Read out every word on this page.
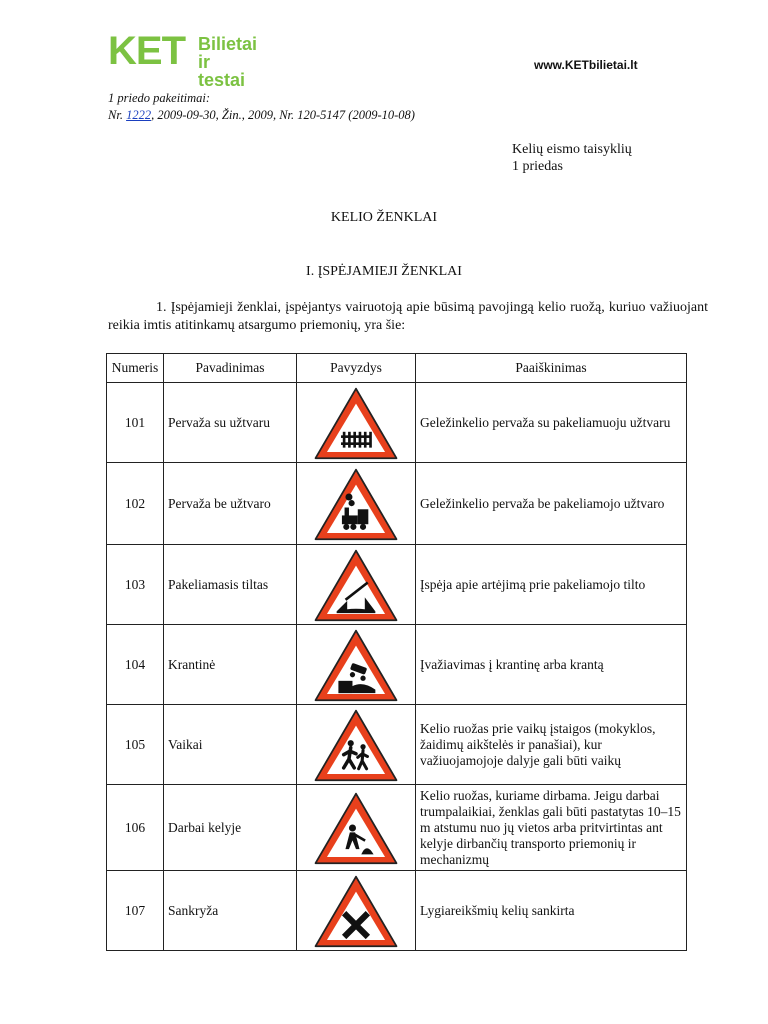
KET Bilietai
ir testai
www.KETbilietai.lt
1 priedo pakeitimai:
Nr. 1222, 2009-09-30, Žin., 2009, Nr. 120-5147 (2009-10-08)
Kelių eismo taisyklių
1 priedas
KELIO ŽENKLAI
I. ĮSPĖJAMIEJI ŽENKLAI
1. Įspėjamieji ženklai, įspėjantys vairuotoją apie būsimą pavojingą kelio ruožą, kuriuo važiuojant reikia imtis atitinkamų atsargumo priemonių, yra šie:
Numeris	Pavadinimas	Pavyzdys	Paaiškinimas
101	Pervaža su užtvaru		Geležinkelio pervaža su pakeliamuoju užtvaru
102	Pervaža be užtvaro		Geležinkelio pervaža be pakeliamojo užtvaro
103	Pakeliamasis tiltas		Įspėja apie artėjimą prie pakeliamojo tilto
104	Krantinė		Įvažiavimas į krantinę arba krantą
105	Vaikai		Kelio ruožas prie vaikų įstaigos (mokyklos, žaidimų aikštelės ir panašiai), kur važiuojamojoje dalyje gali būti vaikų
106	Darbai kelyje		Kelio ruožas, kuriame dirbama. Jeigu darbai trumpalaikiai, ženklas gali būti pastatytas 10–15 m atstumu nuo jų vietos arba pritvirtintas ant kelyje dirbančių transporto priemonių ir mechanizmų
107	Sankryža		Lygiareikšmių kelių sankirta
